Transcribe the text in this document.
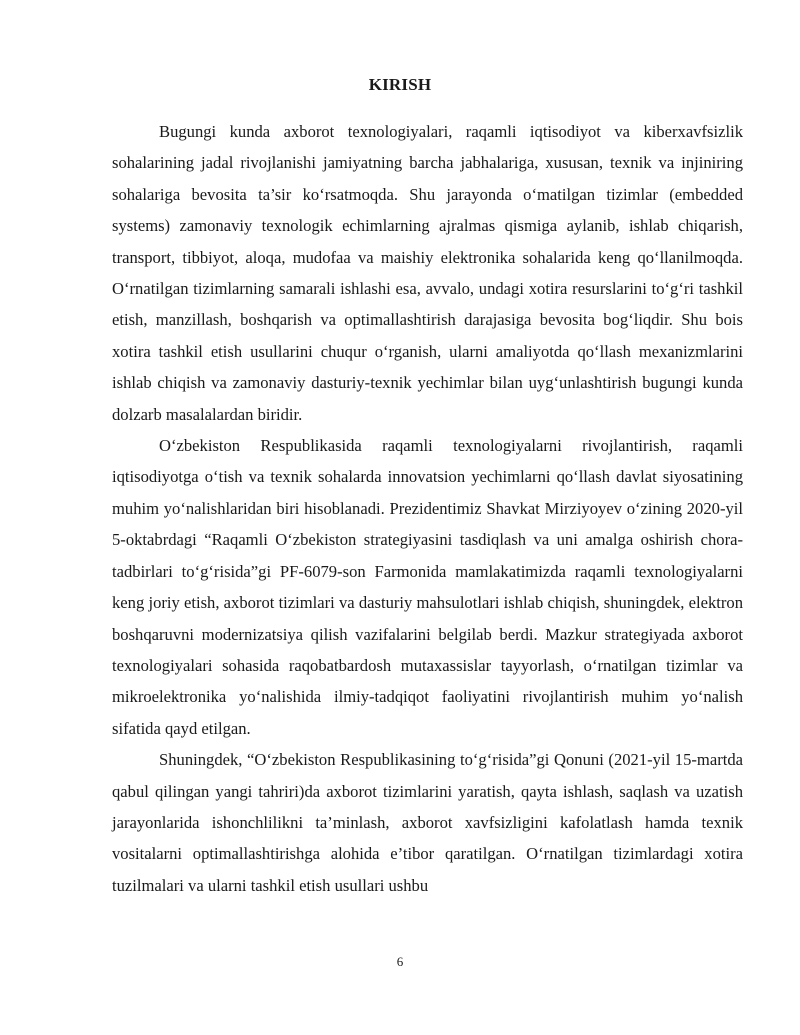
KIRISH

Bugungi kunda axborot texnologiyalari, raqamli iqtisodiyot va kiberxavfsizlik sohalarining jadal rivojlanishi jamiyatning barcha jabhalariga, xususan, texnik va injiniring sohalariga bevosita ta’sir ko‘rsatmoqda. Shu jarayonda o‘matilgan tizimlar (embedded systems) zamonaviy texnologik echimlarning ajralmas qismiga aylanib, ishlab chiqarish, transport, tibbiyot, aloqa, mudofaa va maishiy elektronika sohalarida keng qo‘llanilmoqda. O‘rnatilgan tizimlarning samarali ishlashi esa, avvalo, undagi xotira resurslarini to‘g‘ri tashkil etish, manzillash, boshqarish va optimallashtirish darajasiga bevosita bog‘liqdir. Shu bois xotira tashkil etish usullarini chuqur o‘rganish, ularni amaliyotda qo‘llash mexanizmlarini ishlab chiqish va zamonaviy dasturiy-texnik yechimlar bilan uyg‘unlashtirish bugungi kunda dolzarb masalalardan biridir.

O‘zbekiston Respublikasida raqamli texnologiyalarni rivojlantirish, raqamli iqtisodiyotga o‘tish va texnik sohalarda innovatsion yechimlarni qo‘llash davlat siyosatining muhim yo‘nalishlaridan biri hisoblanadi. Prezidentimiz Shavkat Mirziyoyev o‘zining 2020-yil 5-oktabrdagi “Raqamli O‘zbekiston strategiyasini tasdiqlash va uni amalga oshirish chora-tadbirlari to‘g‘risida”gi PF-6079-son Farmonida mamlakatimizda raqamli texnologiyalarni keng joriy etish, axborot tizimlari va dasturiy mahsulotlari ishlab chiqish, shuningdek, elektron boshqaruvni modernizatsiya qilish vazifalarini belgilab berdi. Mazkur strategiyada axborot texnologiyalari sohasida raqobatbardosh mutaxassislar tayyorlash, o‘rnatilgan tizimlar va mikroelektronika yo‘nalishida ilmiy-tadqiqot faoliyatini rivojlantirish muhim yo‘nalish sifatida qayd etilgan.

Shuningdek, “O‘zbekiston Respublikasining to‘g‘risida”gi Qonuni (2021-yil 15-martda qabul qilingan yangi tahriri)da axborot tizimlarini yaratish, qayta ishlash, saqlash va uzatish jarayonlarida ishonchlilikni ta’minlash, axborot xavfsizligini kafolatlash hamda texnik vositalarni optimallashtirishga alohida e’tibor qaratilgan. O‘rnatilgan tizimlardagi xotira tuzilmalari va ularni tashkil etish usullari ushbu

6
